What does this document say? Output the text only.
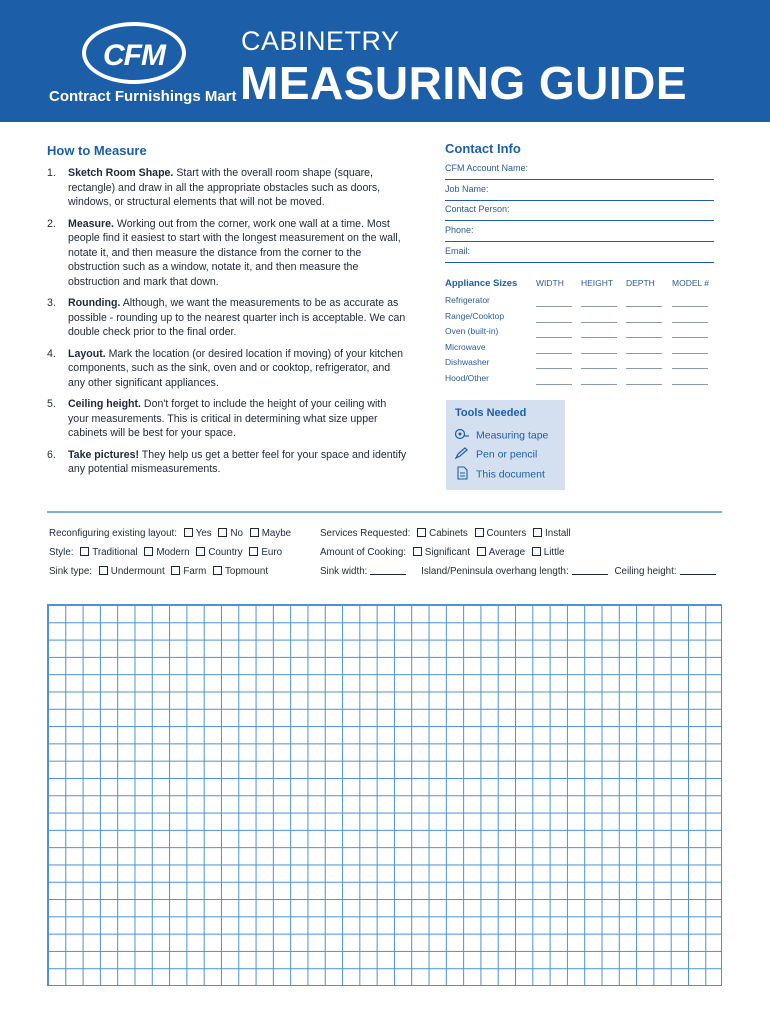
CFM
Contract Furnishings Mart
CABINETRY
MEASURING GUIDE
How to Measure
1. Sketch Room Shape. Start with the overall room shape (square, rectangle) and draw in all the appropriate obstacles such as doors, windows, or structural elements that will not be moved.
2. Measure. Working out from the corner, work one wall at a time. Most people find it easiest to start with the longest measurement on the wall, notate it, and then measure the distance from the corner to the obstruction such as a window, notate it, and then measure the obstruction and mark that down.
3. Rounding. Although, we want the measurements to be as accurate as possible - rounding up to the nearest quarter inch is acceptable. We can double check prior to the final order.
4. Layout. Mark the location (or desired location if moving) of your kitchen components, such as the sink, oven and or cooktop, refrigerator, and any other significant appliances.
5. Ceiling height. Don't forget to include the height of your ceiling with your measurements. This is critical in determining what size upper cabinets will be best for your space.
6. Take pictures! They help us get a better feel for your space and identify any potential mismeasurements.
Contact Info
CFM Account Name:
Job Name:
Contact Person:
Phone:
Email:
Appliance Sizes WIDTH HEIGHT DEPTH MODEL #
Refrigerator
Range/Cooktop
Oven (built-in)
Microwave
Dishwasher
Hood/Other
Tools Needed
Measuring tape
Pen or pencil
This document
Reconfiguring existing layout: Yes No Maybe
Style: Traditional Modern Country Euro
Sink type: Undermount Farm Topmount
Services Requested: Cabinets Counters Install
Amount of Cooking: Significant Average Little
Sink width:	Island/Peninsula overhang length:	Ceiling height:
